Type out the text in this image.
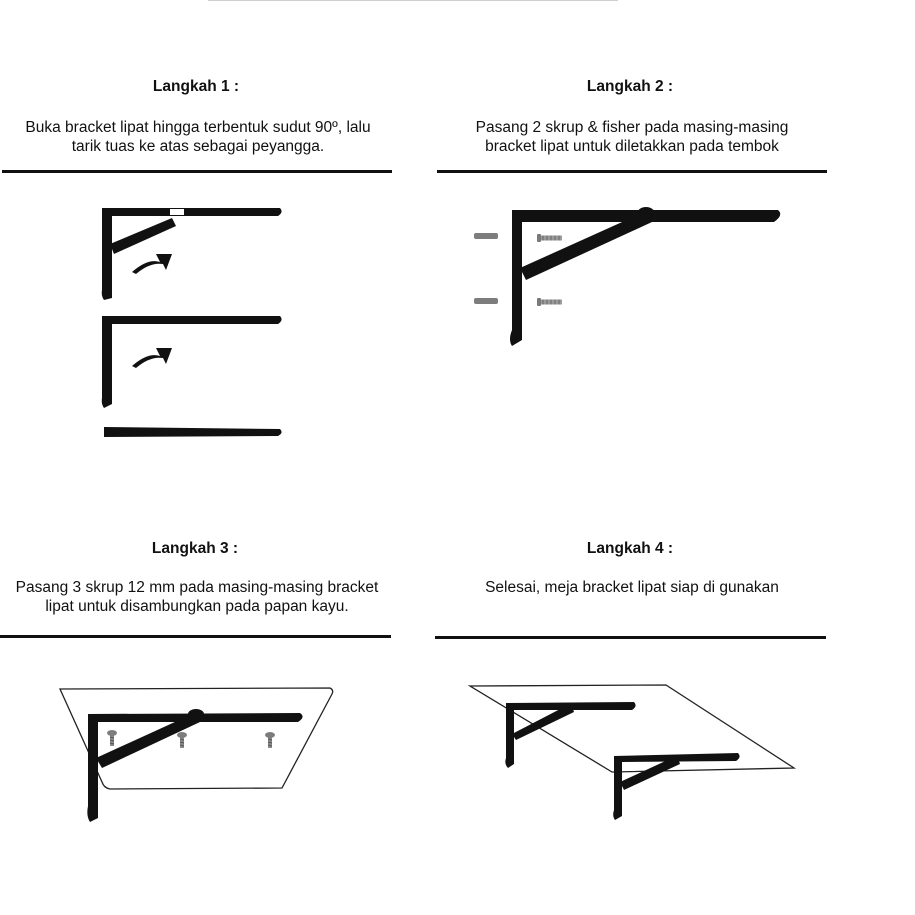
Langkah 1 :
Buka bracket lipat hingga terbentuk sudut 90º, lalu
tarik tuas ke atas sebagai peyangga.
Langkah 2 :
Pasang 2 skrup & fisher pada masing-masing
bracket lipat untuk diletakkan pada tembok
Langkah 3 :
Pasang 3 skrup 12 mm pada masing-masing bracket
lipat untuk disambungkan pada papan kayu.
Langkah 4 :
Selesai, meja bracket lipat siap di gunakan
